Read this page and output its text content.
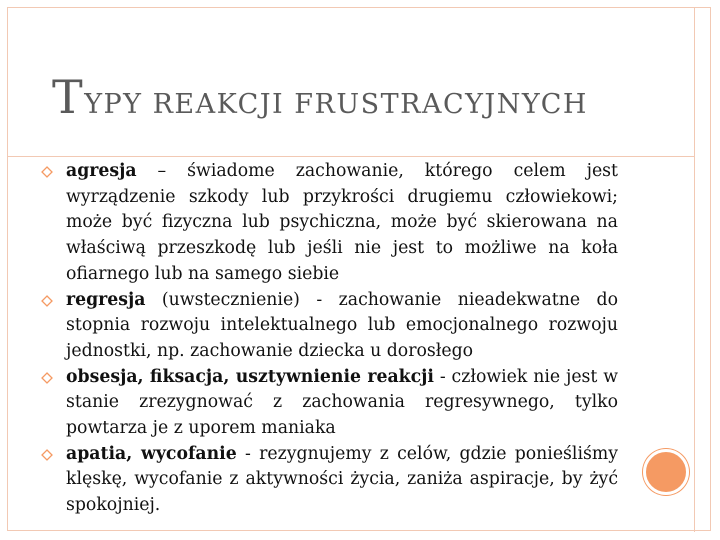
TYPY REAKCJI FRUSTRACYJNYCH
agresja – świadome zachowanie, którego celem jest wyrządzenie szkody lub przykrości drugiemu człowiekowi; może być fizyczna lub psychiczna, może być skierowana na właściwą przeszkodę lub jeśli nie jest to możliwe na koła ofiarnego lub na samego siebie
regresja (uwstecznienie) - zachowanie nieadekwatne do stopnia rozwoju intelektualnego lub emocjonalnego rozwoju jednostki, np. zachowanie dziecka u dorosłego
obsesja, fiksacja, usztywnienie reakcji - człowiek nie jest w stanie zrezygnować z zachowania regresywnego, tylko powtarza je z uporem maniaka
apatia, wycofanie - rezygnujemy z celów, gdzie ponieśliśmy klęskę, wycofanie z aktywności życia, zaniża aspiracje, by żyć spokojniej.
